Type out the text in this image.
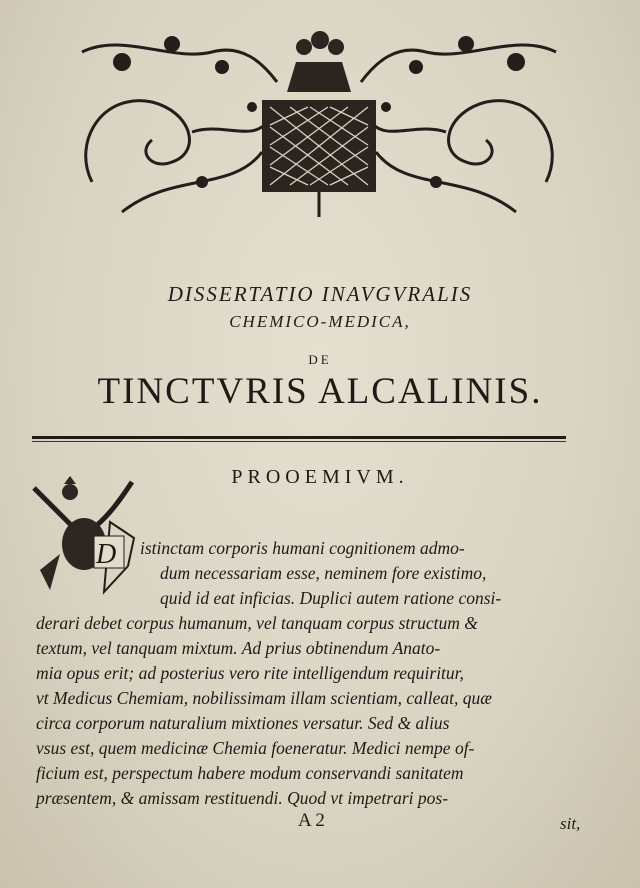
DISSERTATIO INAVGVRALIS
CHEMICO-MEDICA,
DE
TINCTVRIS ALCALINIS.
PROOEMIVM.
D istinctam corporis humani cognitionem admo-
dum necessariam esse, neminem fore existimo,
quid id eat inficias. Duplici autem ratione consi-
derari debet corpus humanum, vel tanquam corpus structum &
textum, vel tanquam mixtum. Ad prius obtinendum Anato-
mia opus erit; ad posterius vero rite intelligendum requiritur,
vt Medicus Chemiam, nobilissimam illam scientiam, calleat, quæ
circa corporum naturalium mixtiones versatur. Sed & alius
vsus est, quem medicinæ Chemia foeneratur. Medici nempe of-
ficium est, perspectum habere modum conservandi sanitatem
præsentem, & amissam restituendi. Quod vt impetrari pos-
A 2	sit,
